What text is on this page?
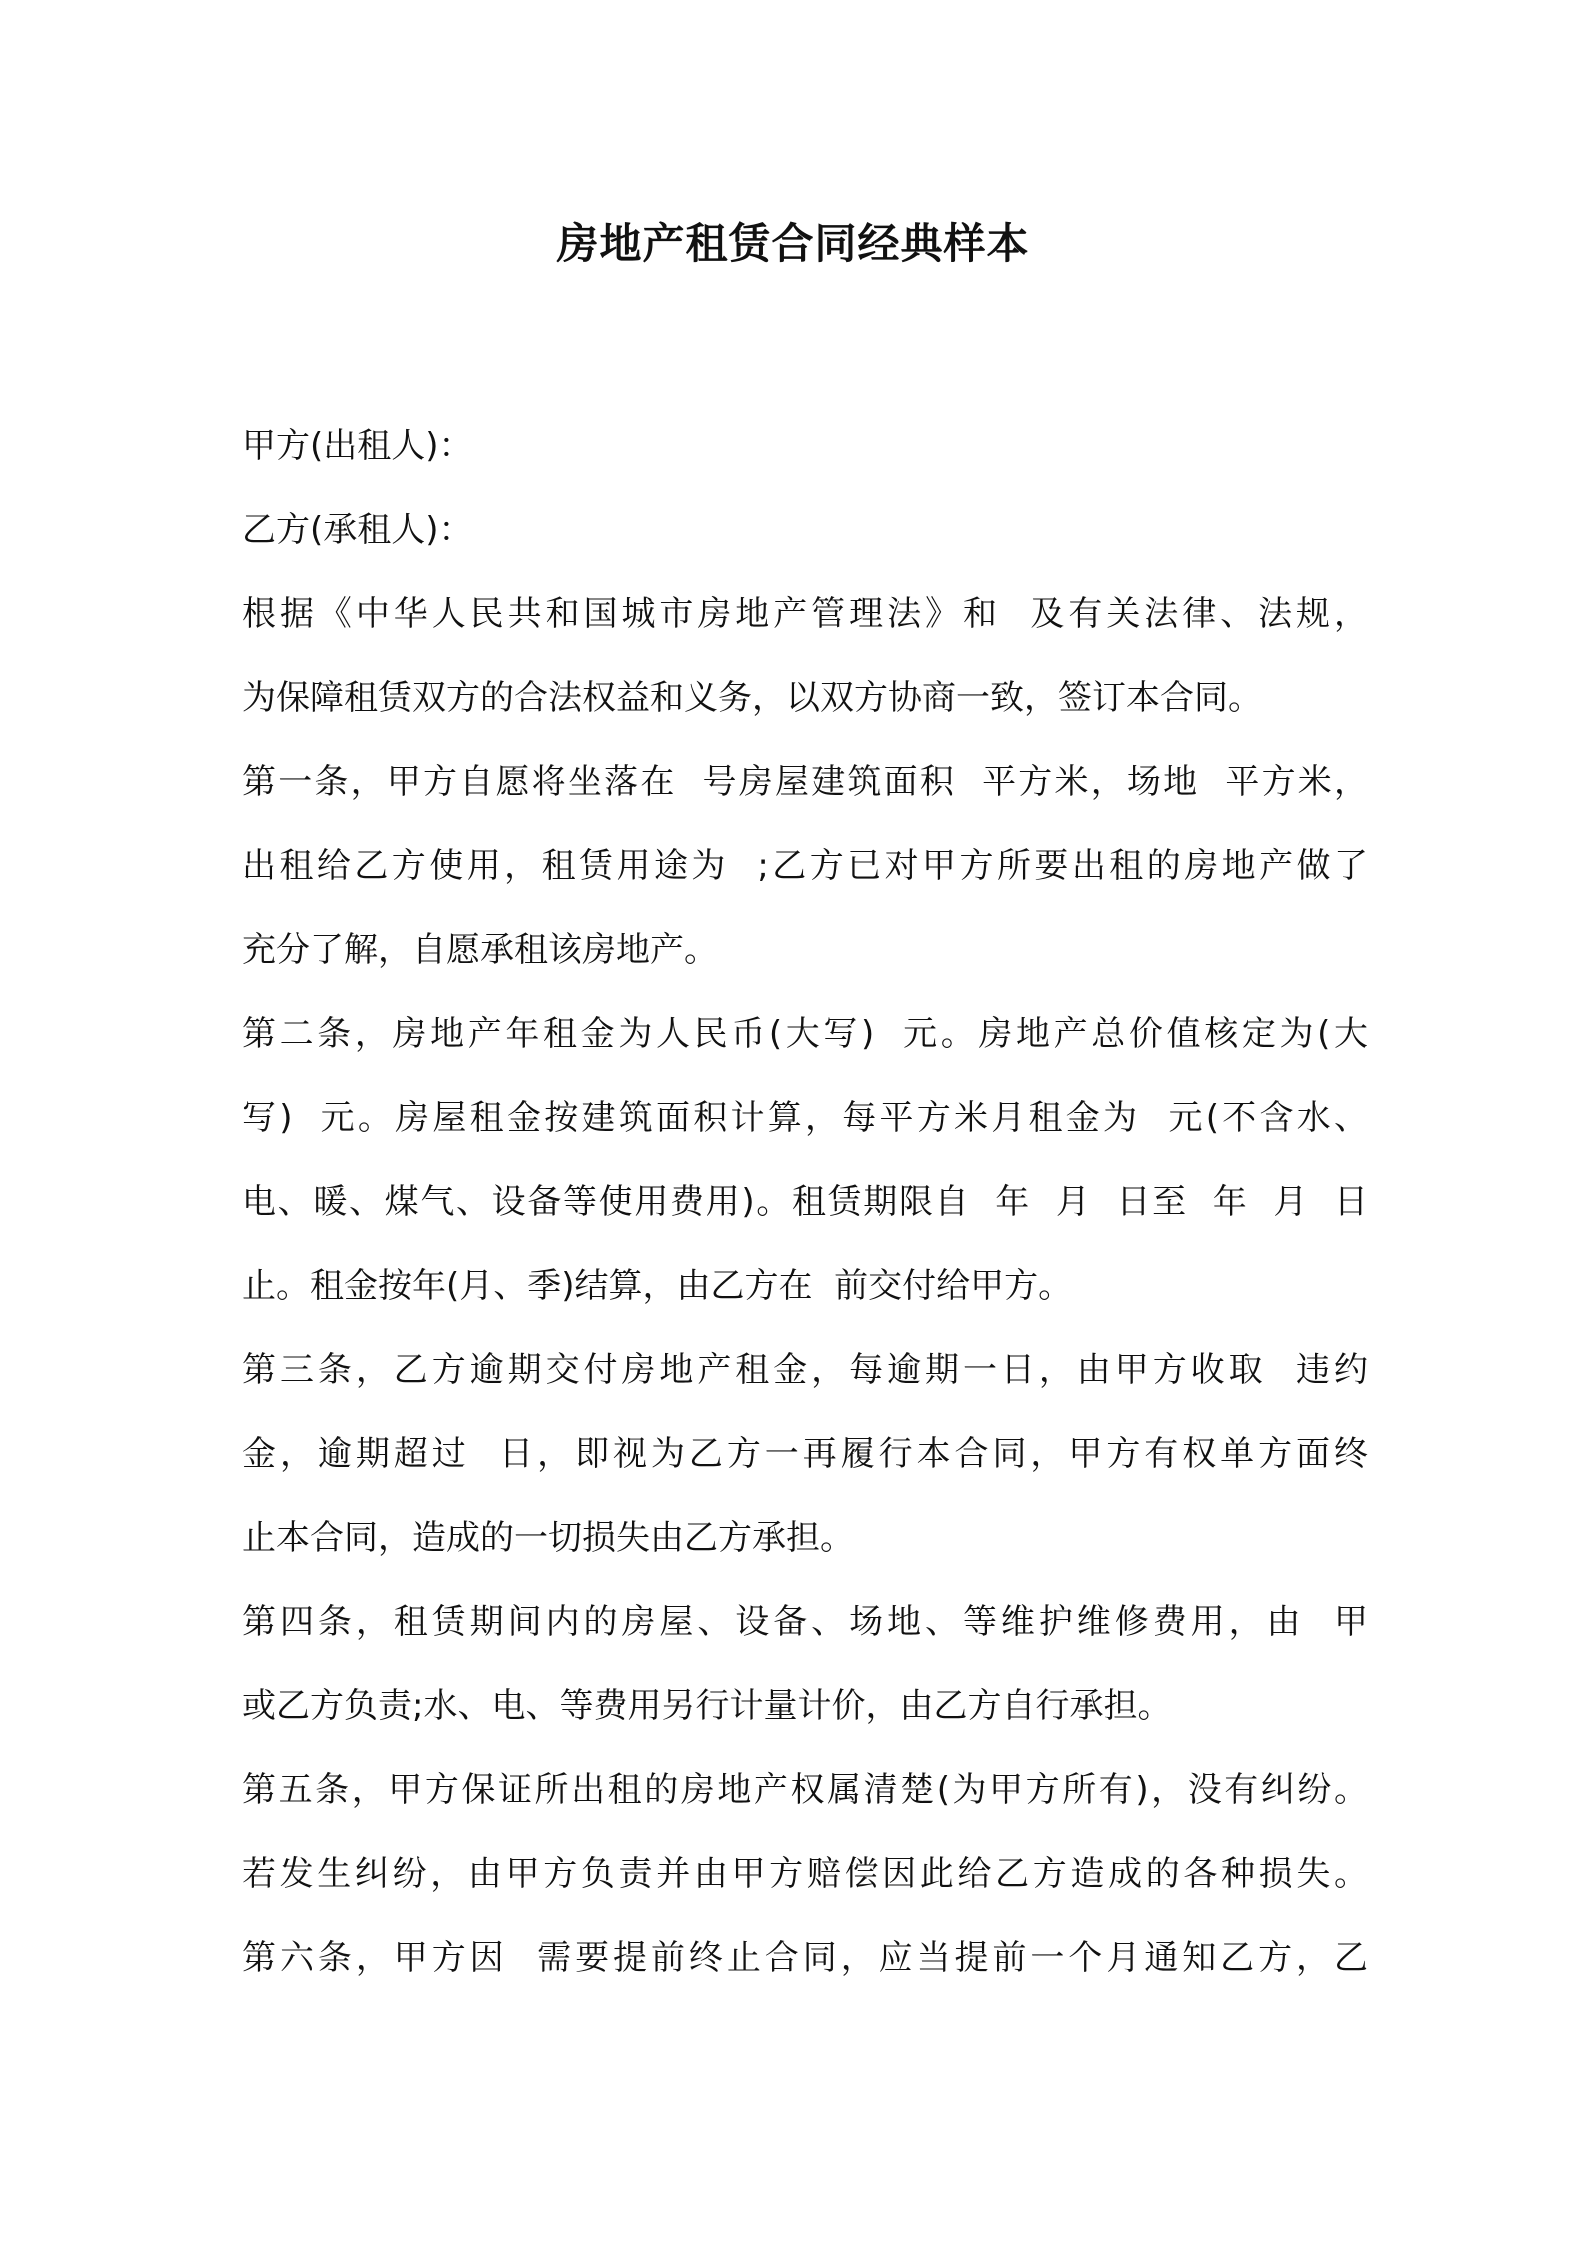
房地产租赁合同经典样本

甲方(出租人)：

乙方(承租人)：

根据《中华人民共和国城市房地产管理法》和  及有关法律、法规，

为保障租赁双方的合法权益和义务，以双方协商一致，签订本合同。

第一条，甲方自愿将坐落在  号房屋建筑面积  平方米，场地  平方米，

出租给乙方使用，租赁用途为  ;乙方已对甲方所要出租的房地产做了

充分了解，自愿承租该房地产。

第二条，房地产年租金为人民币(大写)  元。房地产总价值核定为(大

写)  元。房屋租金按建筑面积计算，每平方米月租金为  元(不含水、

电、暖、煤气、设备等使用费用)。租赁期限自  年  月  日至  年  月  日

止。租金按年(月、季)结算，由乙方在  前交付给甲方。

第三条，乙方逾期交付房地产租金，每逾期一日，由甲方收取  违约

金，逾期超过  日，即视为乙方一再履行本合同，甲方有权单方面终

止本合同，造成的一切损失由乙方承担。

第四条，租赁期间内的房屋、设备、场地、等维护维修费用，由  甲

或乙方负责;水、电、等费用另行计量计价，由乙方自行承担。

第五条，甲方保证所出租的房地产权属清楚(为甲方所有)，没有纠纷。

若发生纠纷，由甲方负责并由甲方赔偿因此给乙方造成的各种损失。

第六条，甲方因  需要提前终止合同，应当提前一个月通知乙方，乙
